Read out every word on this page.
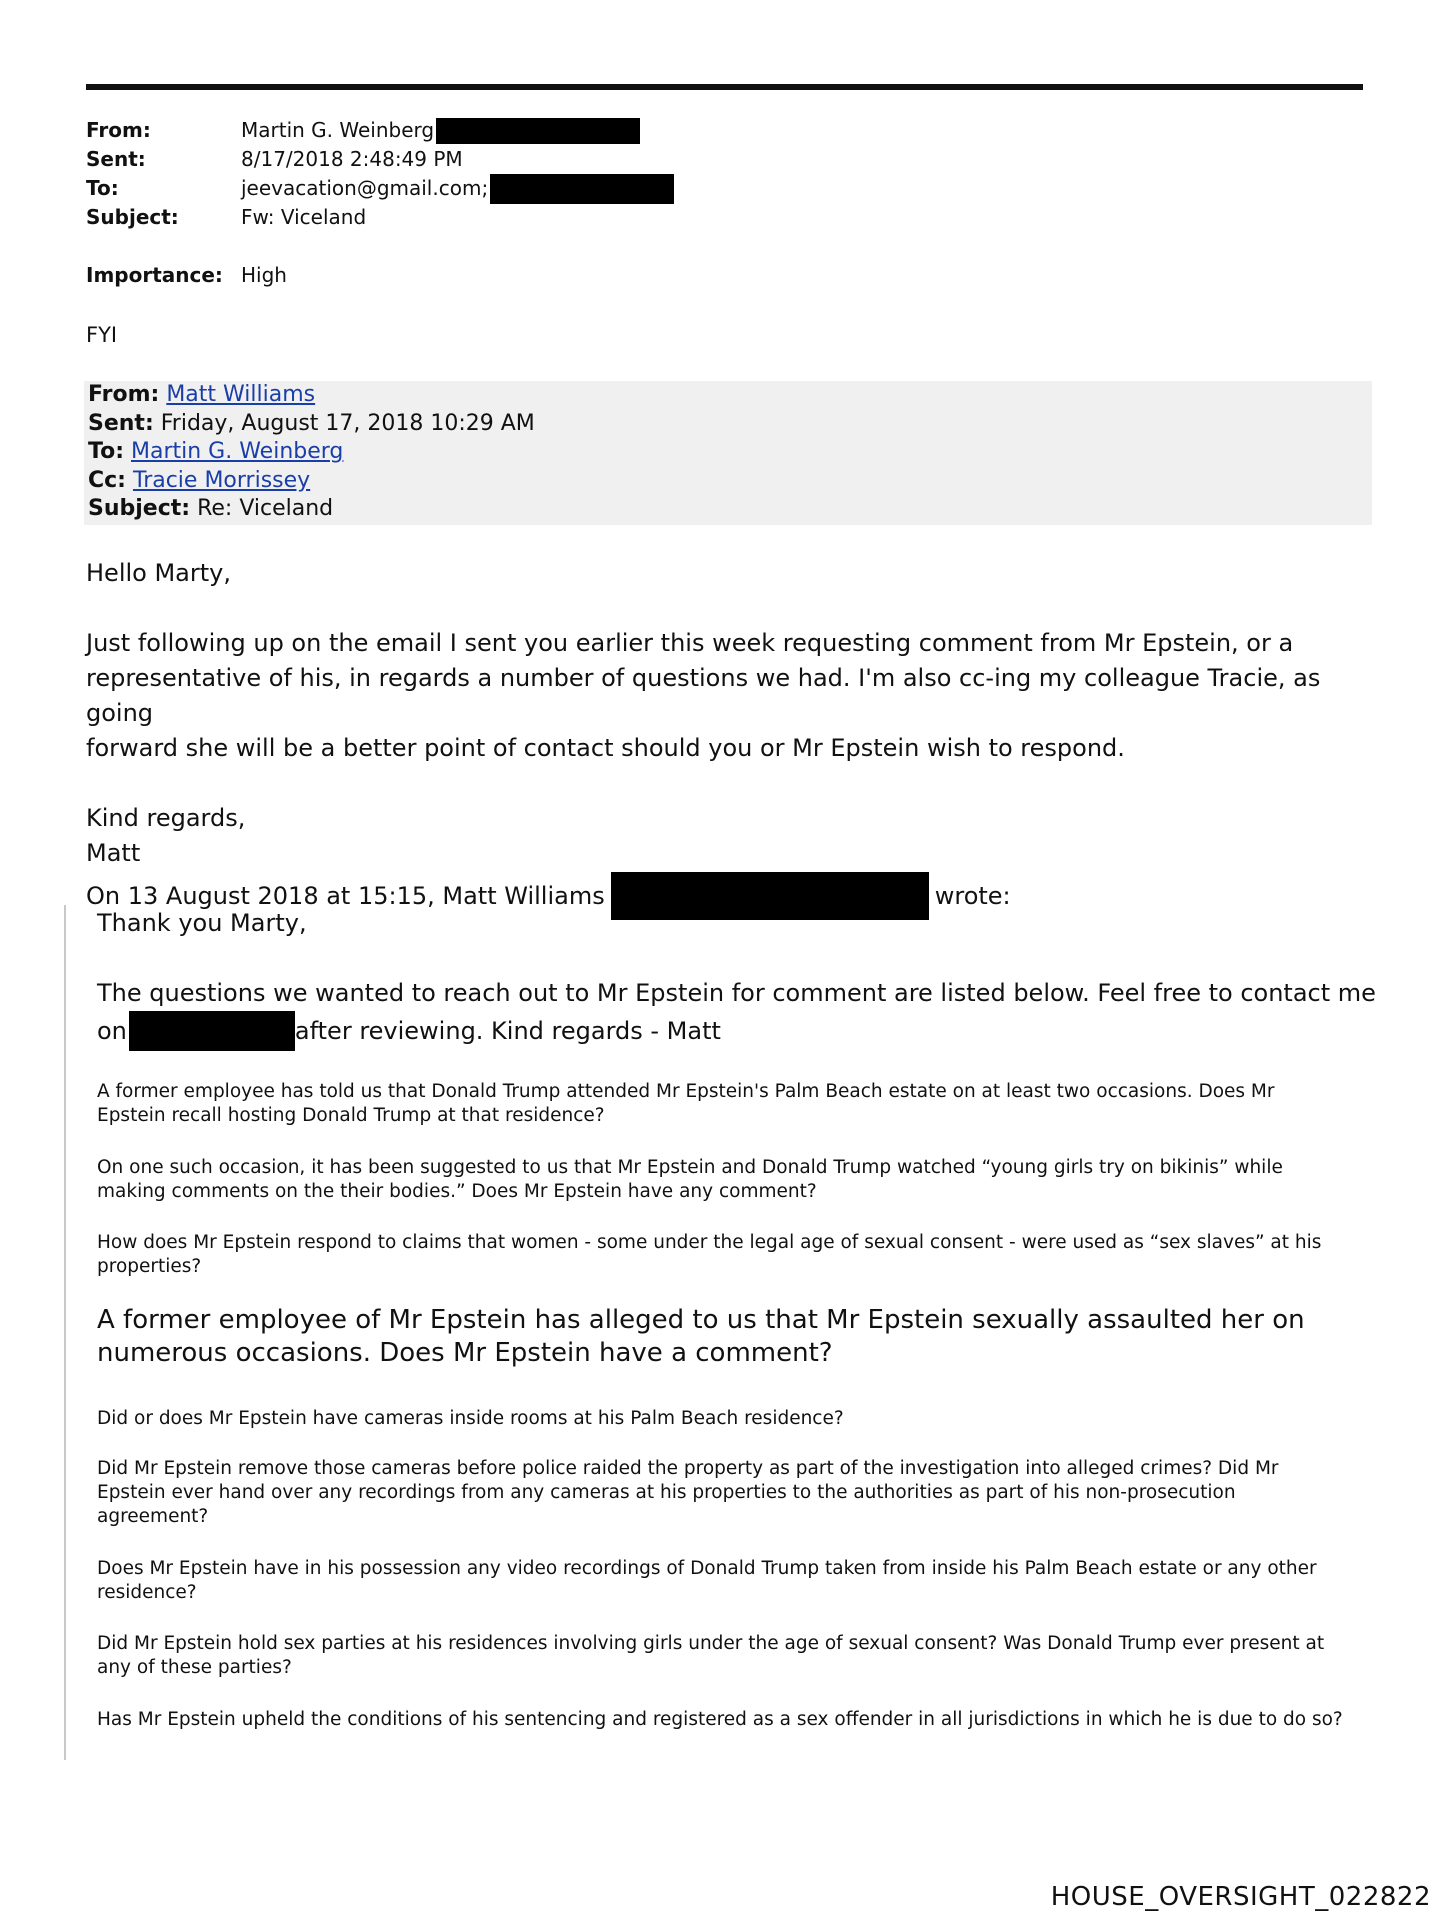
From:	Martin G. Weinberg
Sent:	8/17/2018 2:48:49 PM
To:	jeevacation@gmail.com;
Subject:	Fw: Viceland
Importance: High
FYI
From: Matt Williams
Sent: Friday, August 17, 2018 10:29 AM
To: Martin G. Weinberg
Cc: Tracie Morrissey
Subject: Re: Viceland

Hello Marty,

Just following up on the email I sent you earlier this week requesting comment from Mr Epstein, or a

representative of his, in regards a number of questions we had. I'm also cc-ing my colleague Tracie, as going

forward she will be a better point of contact should you or Mr Epstein wish to respond.

Kind regards,

Matt

On 13 August 2018 at 15:15, Matt Williams	wrote:

Thank you Marty,

The questions we wanted to reach out to Mr Epstein for comment are listed below. Feel free to contact me

on	after reviewing. Kind regards - Matt

A former employee has told us that Donald Trump attended Mr Epstein's Palm Beach estate on at least two occasions. Does Mr
Epstein recall hosting Donald Trump at that residence?
On one such occasion, it has been suggested to us that Mr Epstein and Donald Trump watched “young girls try on bikinis” while
making comments on the their bodies.” Does Mr Epstein have any comment?
How does Mr Epstein respond to claims that women - some under the legal age of sexual consent - were used as “sex slaves” at his
properties?
A former employee of Mr Epstein has alleged to us that Mr Epstein sexually assaulted her on
numerous occasions. Does Mr Epstein have a comment?
Did or does Mr Epstein have cameras inside rooms at his Palm Beach residence?
Did Mr Epstein remove those cameras before police raided the property as part of the investigation into alleged crimes? Did Mr
Epstein ever hand over any recordings from any cameras at his properties to the authorities as part of his non-prosecution
agreement?
Does Mr Epstein have in his possession any video recordings of Donald Trump taken from inside his Palm Beach estate or any other
residence?
Did Mr Epstein hold sex parties at his residences involving girls under the age of sexual consent? Was Donald Trump ever present at
any of these parties?
Has Mr Epstein upheld the conditions of his sentencing and registered as a sex offender in all jurisdictions in which he is due to do so?
HOUSE_OVERSIGHT_022822
